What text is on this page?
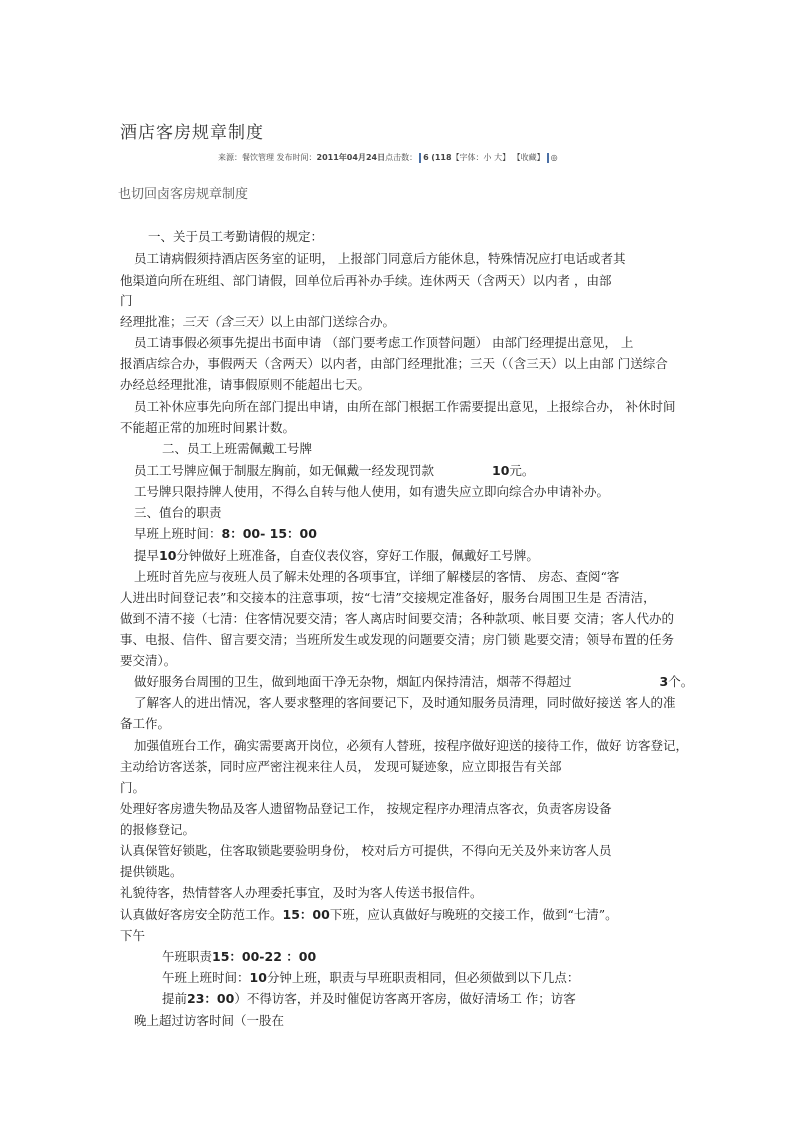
酒店客房规章制度
来源：餐饮管理 发布时间：2011年04月24日点击数： 6 (118【字体：小 大】 【收藏】 ◎
也切回卤客房规章制度
一、关于员工考勤请假的规定：
员工请病假须持酒店医务室的证明， 上报部门同意后方能休息，特殊情况应打电话或者其
他渠道向所在班组、部门请假，回单位后再补办手续。连休两天（含两天）以内者 ，由部
门
经理批准；三天（含三天）以上由部门送综合办。
员工请事假必须事先提出书面申请 （部门要考虑工作顶替问题） 由部门经理提出意见， 上
报酒店综合办，事假两天（含两天）以内者，由部门经理批准；三天（（含三天）以上由部 门送综合
办经总经理批准，请事假原则不能超出七天。
员工补休应事先向所在部门提出申请，由所在部门根据工作需要提出意见，上报综合办， 补休时间
不能超正常的加班时间累计数。
二、员工上班需佩戴工号牌
员工工号牌应佩于制服左胸前，如无佩戴一经发现罚款	10元。
工号牌只限持牌人使用，不得么自转与他人使用，如有遗失应立即向综合办申请补办。
三、值台的职责
早班上班时间：8：00- 15：00
提早10分钟做好上班准备，自查仪表仪容，穿好工作服，佩戴好工号牌。
上班时首先应与夜班人员了解未处理的各项事宜，详细了解楼层的客情、 房态、查阅“客
人进出时间登记表”和交接本的注意事项，按“七清”交接规定准备好，服务台周围卫生是 否清洁，
做到不清不接（七清：住客情况要交清；客人离店时间要交清；各种款项、帐目要 交清；客人代办的
事、电报、信件、留言要交清；当班所发生或发现的问题要交清；房门锁 匙要交清；领导布置的任务
要交清）。
做好服务台周围的卫生，做到地面干净无杂物，烟缸内保持清洁，烟蒂不得超过	3个。
了解客人的进出情况，客人要求整理的客间要记下，及时通知服务员清理，同时做好接送 客人的准
备工作。
加强值班台工作，确实需要离开岗位，必须有人替班，按程序做好迎送的接待工作，做好 访客登记，
主动给访客送茶，同时应严密注视来往人员， 发现可疑迹象，应立即报告有关部
门。
处理好客房遗失物品及客人遗留物品登记工作， 按规定程序办理清点客衣，负责客房设备
的报修登记。
认真保管好锁匙，住客取锁匙要验明身份， 校对后方可提供，不得向无关及外来访客人员
提供锁匙。
礼貌待客，热情替客人办理委托事宜，及时为客人传送书报信件。
认真做好客房安全防范工作。15：00下班，应认真做好与晚班的交接工作，做到“七清”。
下午
午班职责15：00-22 ：00
午班上班时间：10分钟上班，职责与早班职责相同，但必须做到以下几点：
提前23：00）不得访客，并及时催促访客离开客房，做好清场工 作；访客
晚上超过访客时间（一股在
